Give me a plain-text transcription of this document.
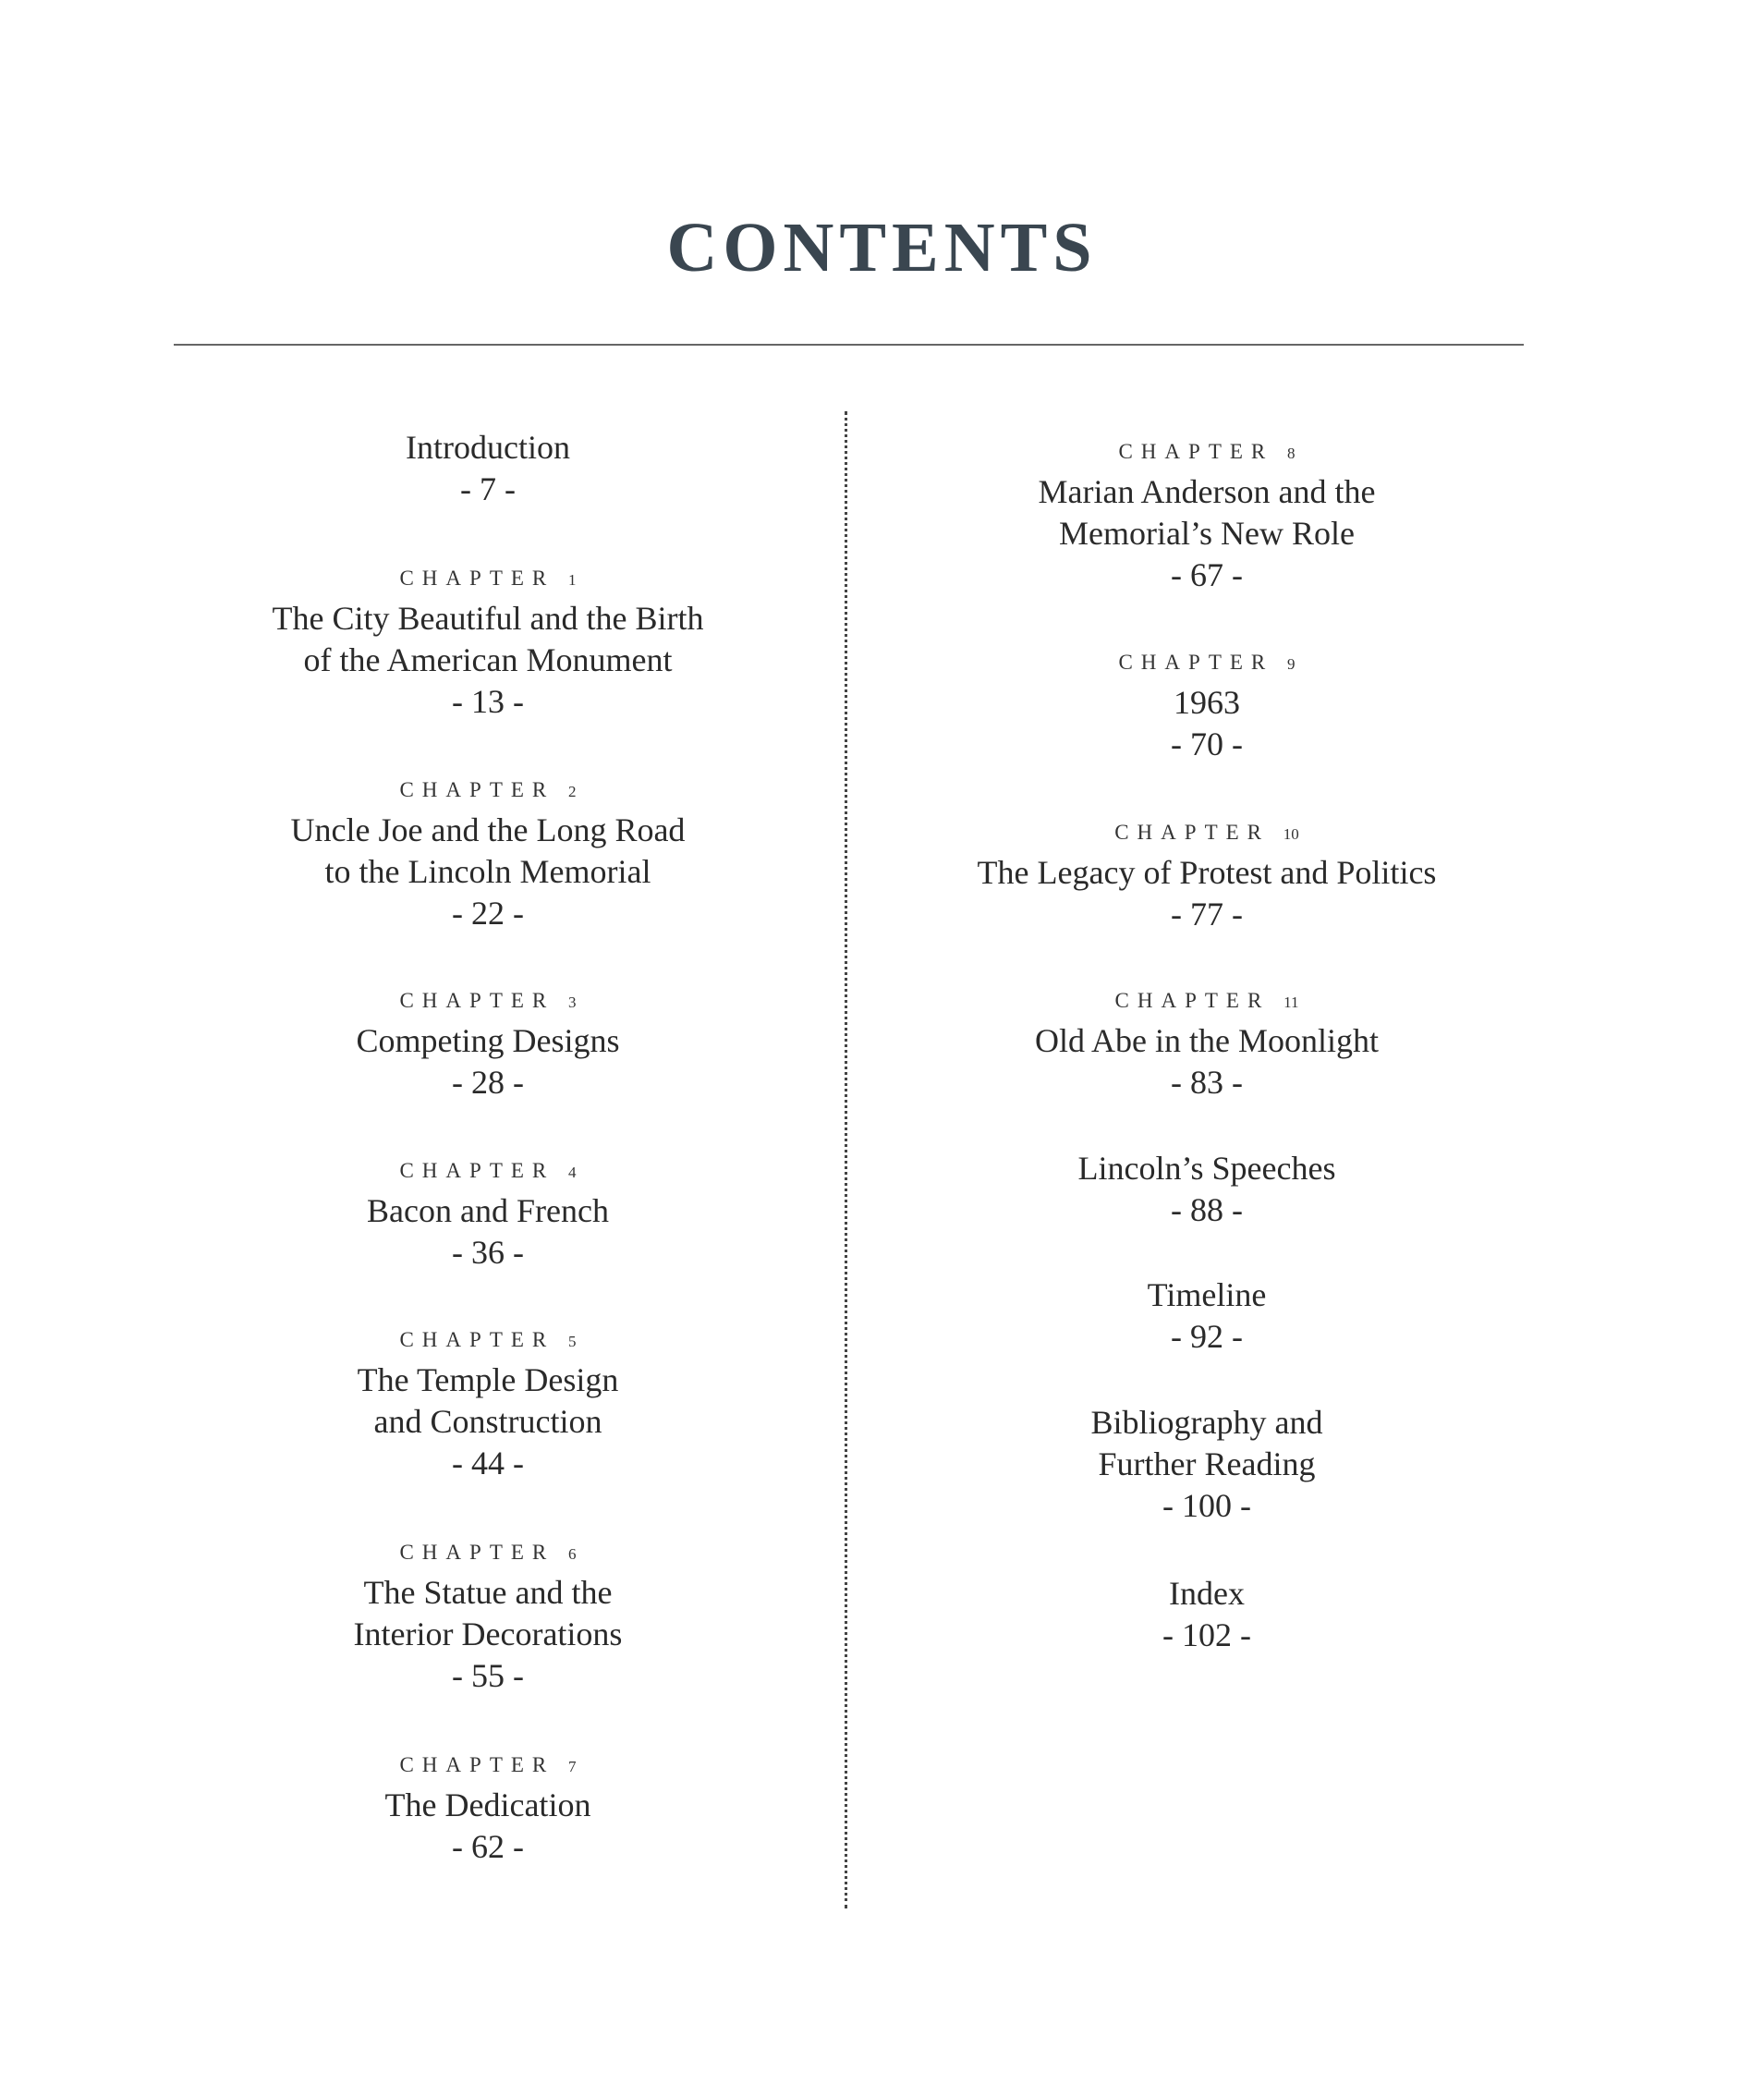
CONTENTS
Introduction
- 7 -
CHAPTER 1
The City Beautiful and the Birth
of the American Monument
- 13 -
CHAPTER 2
Uncle Joe and the Long Road
to the Lincoln Memorial
- 22 -
CHAPTER 3
Competing Designs
- 28 -
CHAPTER 4
Bacon and French
- 36 -
CHAPTER 5
The Temple Design
and Construction
- 44 -
CHAPTER 6
The Statue and the
Interior Decorations
- 55 -
CHAPTER 7
The Dedication
- 62 -
CHAPTER 8
Marian Anderson and the
Memorial’s New Role
- 67 -
CHAPTER 9
1963
- 70 -
CHAPTER 10
The Legacy of Protest and Politics
- 77 -
CHAPTER 11
Old Abe in the Moonlight
- 83 -
Lincoln’s Speeches
- 88 -
Timeline
- 92 -
Bibliography and
Further Reading
- 100 -
Index
- 102 -
